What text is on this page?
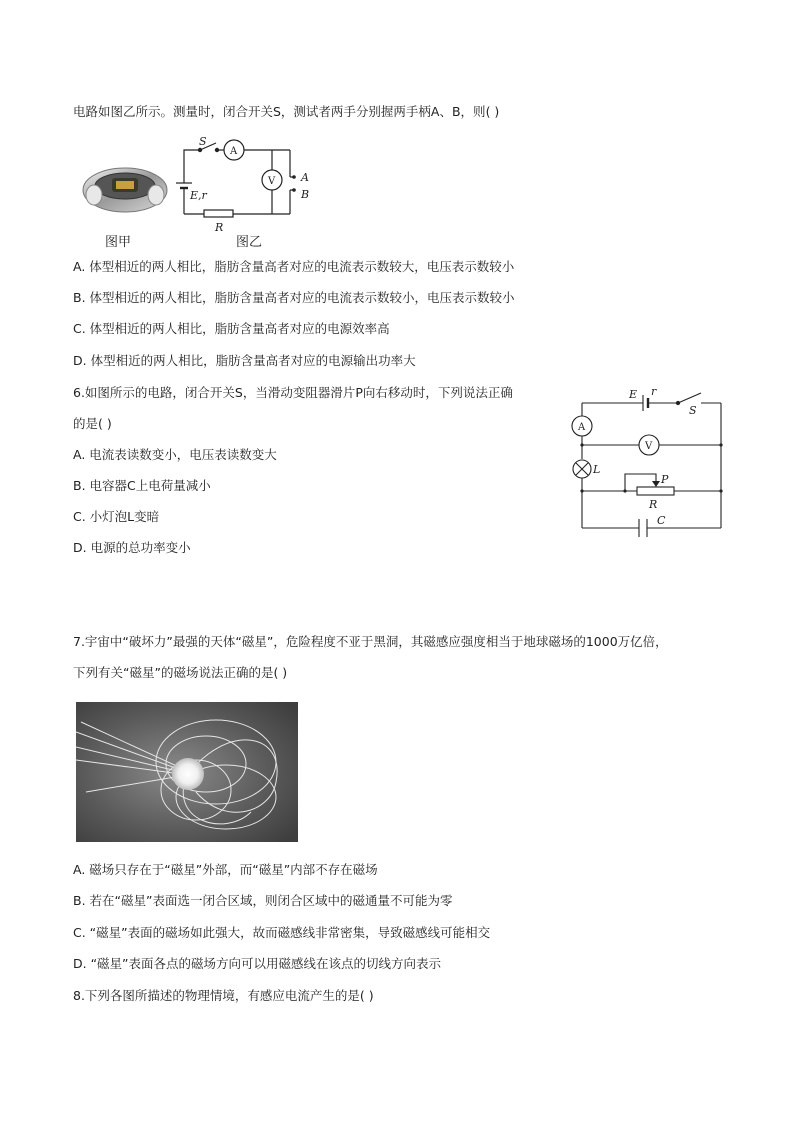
电路如图乙所示。测量时，闭合开关S，测试者两手分别握两手柄A、B，则( )
图甲
S
A
V
E,r
A
B
R
图乙
A. 体型相近的两人相比，脂肪含量高者对应的电流表示数较大，电压表示数较小
B. 体型相近的两人相比，脂肪含量高者对应的电流表示数较小，电压表示数较小
C. 体型相近的两人相比，脂肪含量高者对应的电源效率高
D. 体型相近的两人相比，脂肪含量高者对应的电源输出功率大
6.如图所示的电路，闭合开关S，当滑动变阻器滑片P向右移动时，下列说法正确
的是( )
A. 电流表读数变小，电压表读数变大
B. 电容器C上电荷量减小
C. 小灯泡L变暗
D. 电源的总功率变小
E r
S
A
V
L
P
R
C
7.宇宙中“破坏力”最强的天体“磁星”，危险程度不亚于黑洞，其磁感应强度相当于地球磁场的1000万亿倍，
下列有关“磁星”的磁场说法正确的是( )
A. 磁场只存在于“磁星”外部，而“磁星”内部不存在磁场
B. 若在“磁星”表面选一闭合区域，则闭合区域中的磁通量不可能为零
C. “磁星”表面的磁场如此强大，故而磁感线非常密集，导致磁感线可能相交
D. “磁星”表面各点的磁场方向可以用磁感线在该点的切线方向表示
8.下列各图所描述的物理情境，有感应电流产生的是( )
